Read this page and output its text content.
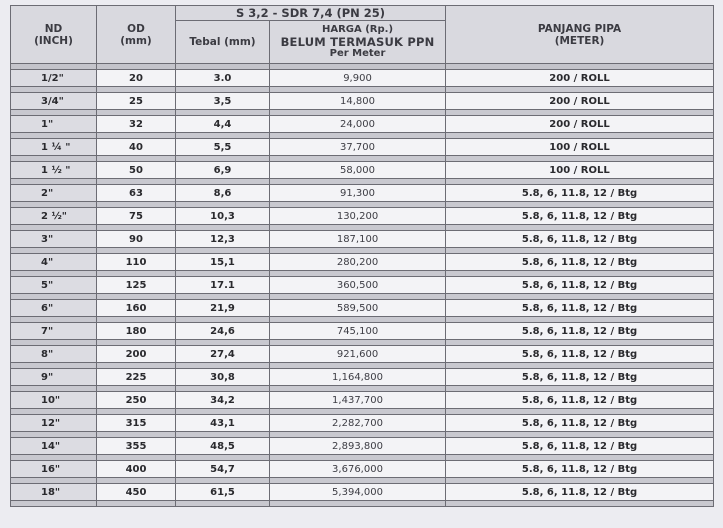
ND
(INCH)	OD
(mm)	S 3,2 - SDR 7,4 (PN 25)		PANJANG PIPA
(METER)

		Tebal (mm)	HARGA (Rp.)
BELUM TERMASUK PPN
Per Meter	

1/2"	20	3.0	9,900	200 / ROLL

3/4"	25	3,5	14,800	200 / ROLL

1"	32	4,4	24,000	200 / ROLL

1 ¼ "	40	5,5	37,700	100 / ROLL

1 ½ "	50	6,9	58,000	100 / ROLL

2"	63	8,6	91,300	5.8, 6, 11.8, 12 / Btg

2 ½"	75	10,3	130,200	5.8, 6, 11.8, 12 / Btg

3"	90	12,3	187,100	5.8, 6, 11.8, 12 / Btg

4"	110	15,1	280,200	5.8, 6, 11.8, 12 / Btg

5"	125	17.1	360,500	5.8, 6, 11.8, 12 / Btg

6"	160	21,9	589,500	5.8, 6, 11.8, 12 / Btg

7"	180	24,6	745,100	5.8, 6, 11.8, 12 / Btg

8"	200	27,4	921,600	5.8, 6, 11.8, 12 / Btg

9"	225	30,8	1,164,800	5.8, 6, 11.8, 12 / Btg

10"	250	34,2	1,437,700	5.8, 6, 11.8, 12 / Btg

12"	315	43,1	2,282,700	5.8, 6, 11.8, 12 / Btg

14"	355	48,5	2,893,800	5.8, 6, 11.8, 12 / Btg

16"	400	54,7	3,676,000	5.8, 6, 11.8, 12 / Btg

18"	450	61,5	5,394,000	5.8, 6, 11.8, 12 / Btg
